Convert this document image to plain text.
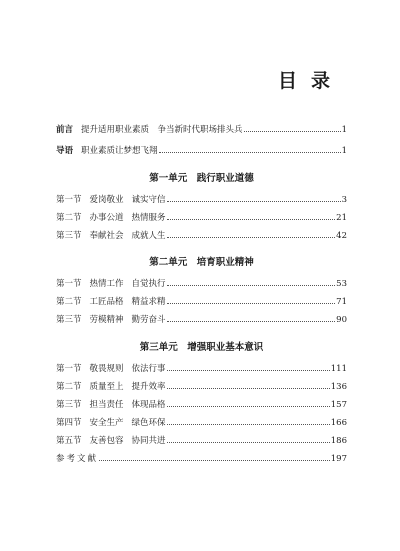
目录
前言 提升适用职业素质　争当新时代职场排头兵	1
导语 职业素质让梦想飞翔	1
第一单元　践行职业道德
第一节 爱岗敬业 诚实守信	3
第二节 办事公道 热情服务	21
第三节 奉献社会 成就人生	42
第二单元　培育职业精神
第一节 热情工作 自觉执行	53
第二节 工匠品格 精益求精	71
第三节 劳模精神 勤劳奋斗	90
第三单元　增强职业基本意识
第一节 敬畏规则 依法行事	111
第二节 质量至上 提升效率	136
第三节 担当责任 体现品格	157
第四节 安全生产 绿色环保	166
第五节 友善包容 协同共进	186
参考文献	197
